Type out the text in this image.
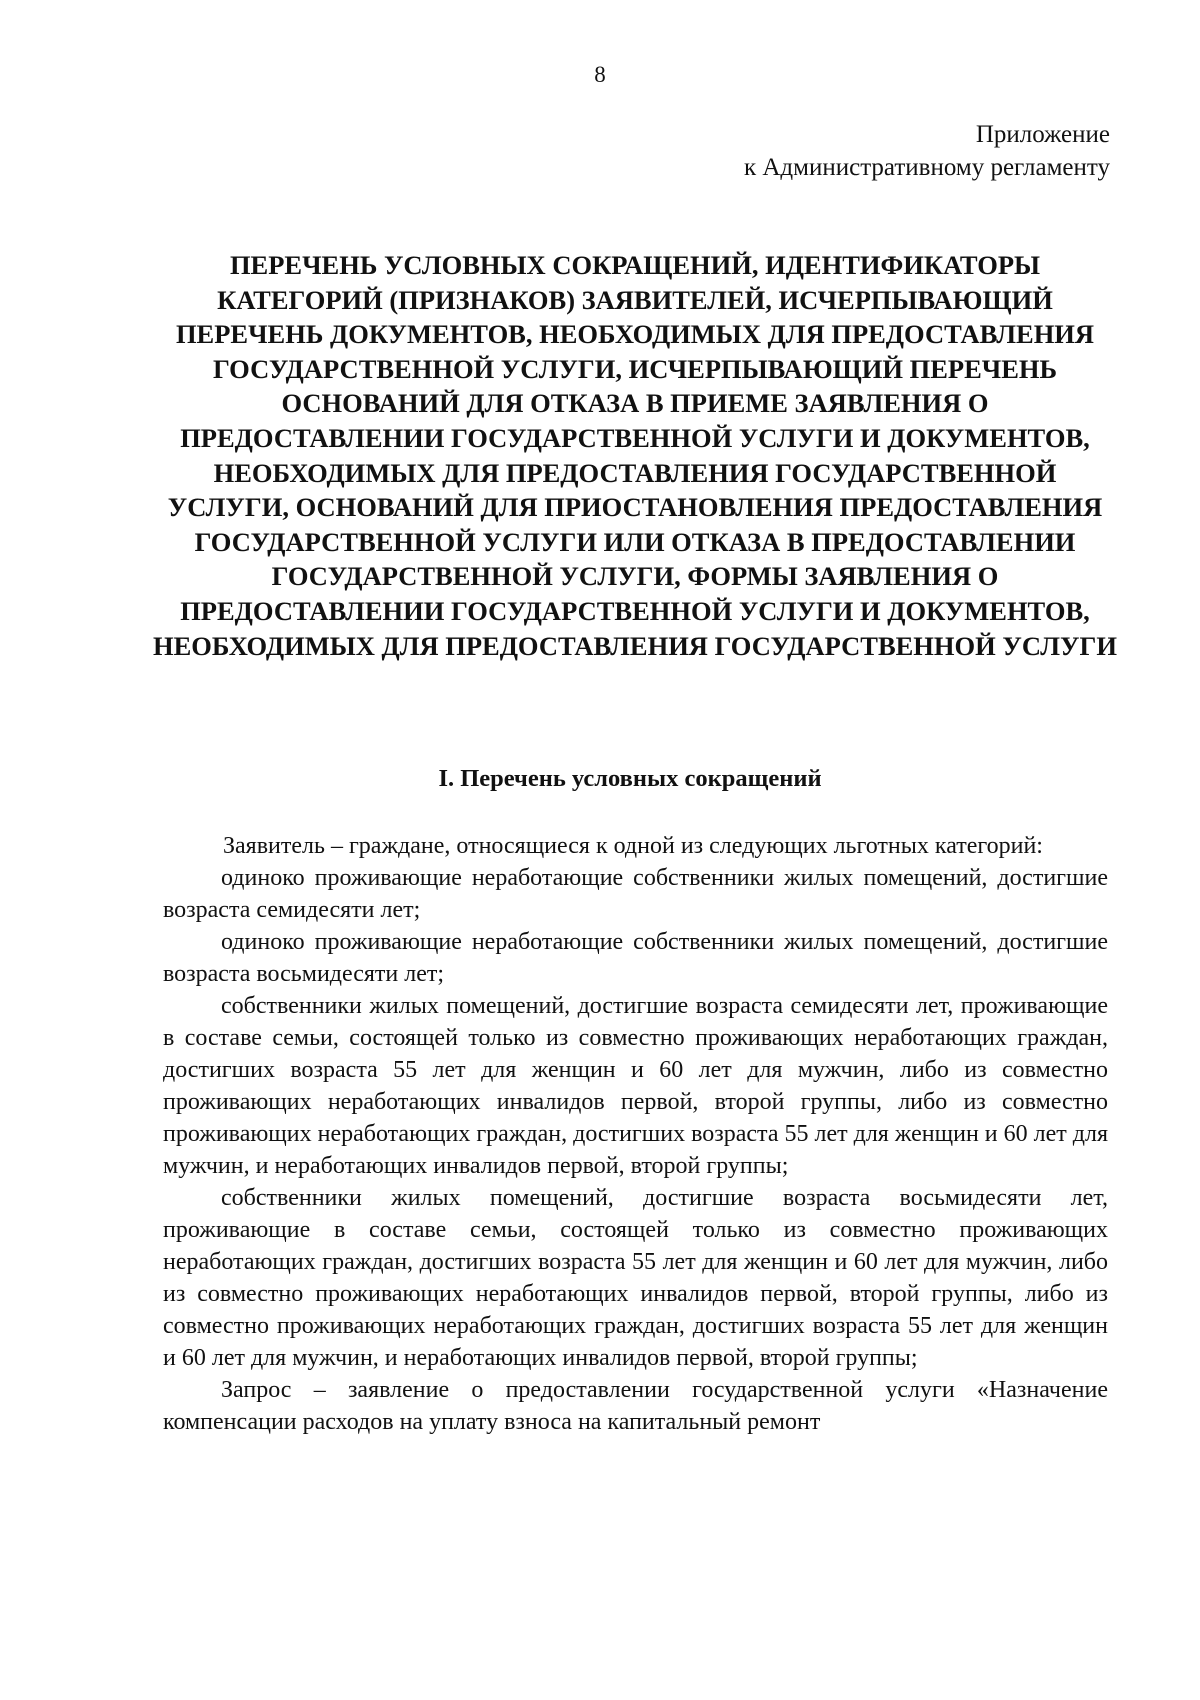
8
Приложение
к Административному регламенту
ПЕРЕЧЕНЬ УСЛОВНЫХ СОКРАЩЕНИЙ, ИДЕНТИФИКАТОРЫ КАТЕГОРИЙ (ПРИЗНАКОВ) ЗАЯВИТЕЛЕЙ, ИСЧЕРПЫВАЮЩИЙ ПЕРЕЧЕНЬ ДОКУМЕНТОВ, НЕОБХОДИМЫХ ДЛЯ ПРЕДОСТАВЛЕНИЯ ГОСУДАРСТВЕННОЙ УСЛУГИ, ИСЧЕРПЫВАЮЩИЙ ПЕРЕЧЕНЬ ОСНОВАНИЙ ДЛЯ ОТКАЗА В ПРИЕМЕ ЗАЯВЛЕНИЯ О ПРЕДОСТАВЛЕНИИ ГОСУДАРСТВЕННОЙ УСЛУГИ И ДОКУМЕНТОВ, НЕОБХОДИМЫХ ДЛЯ ПРЕДОСТАВЛЕНИЯ ГОСУДАРСТВЕННОЙ УСЛУГИ, ОСНОВАНИЙ ДЛЯ ПРИОСТАНОВЛЕНИЯ ПРЕДОСТАВЛЕНИЯ ГОСУДАРСТВЕННОЙ УСЛУГИ ИЛИ ОТКАЗА В ПРЕДОСТАВЛЕНИИ ГОСУДАРСТВЕННОЙ УСЛУГИ, ФОРМЫ ЗАЯВЛЕНИЯ О ПРЕДОСТАВЛЕНИИ ГОСУДАРСТВЕННОЙ УСЛУГИ И ДОКУМЕНТОВ, НЕОБХОДИМЫХ ДЛЯ ПРЕДОСТАВЛЕНИЯ ГОСУДАРСТВЕННОЙ УСЛУГИ
I. Перечень условных сокращений

Заявитель – граждане, относящиеся к одной из следующих льготных категорий:

одиноко проживающие неработающие собственники жилых помещений, достигшие возраста семидесяти лет;

одиноко проживающие неработающие собственники жилых помещений, достигшие возраста восьмидесяти лет;

собственники жилых помещений, достигшие возраста семидесяти лет, проживающие в составе семьи, состоящей только из совместно проживающих неработающих граждан, достигших возраста 55 лет для женщин и 60 лет для мужчин, либо из совместно проживающих неработающих инвалидов первой, второй группы, либо из совместно проживающих неработающих граждан, достигших возраста 55 лет для женщин и 60 лет для мужчин, и неработающих инвалидов первой, второй группы;

собственники жилых помещений, достигшие возраста восьмидесяти лет, проживающие в составе семьи, состоящей только из совместно проживающих неработающих граждан, достигших возраста 55 лет для женщин и 60 лет для мужчин, либо из совместно проживающих неработающих инвалидов первой, второй группы, либо из совместно проживающих неработающих граждан, достигших возраста 55 лет для женщин и 60 лет для мужчин, и неработающих инвалидов первой, второй группы;

Запрос – заявление о предоставлении государственной услуги «Назначение компенсации расходов на уплату взноса на капитальный ремонт
